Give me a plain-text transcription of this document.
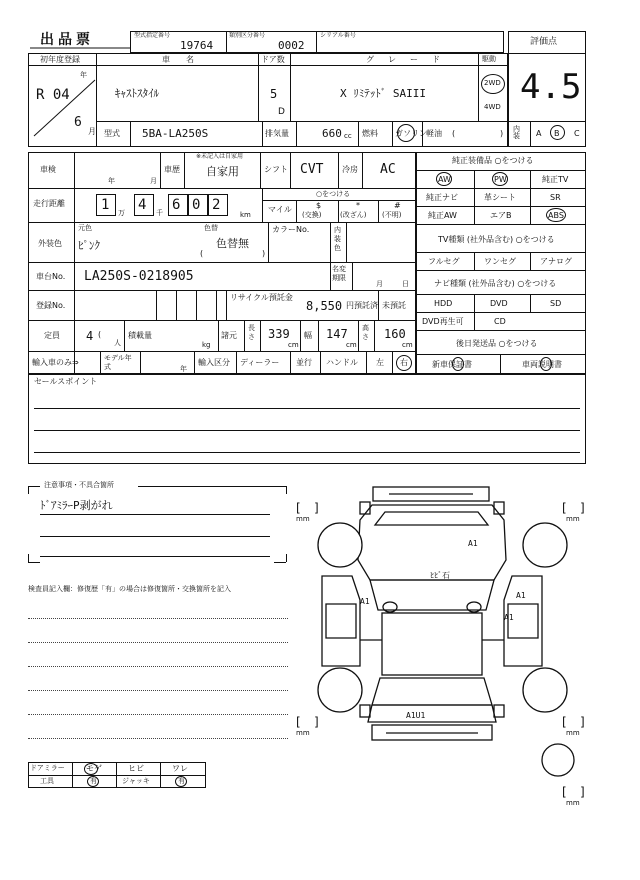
出品票	型式指定番号
19764
類別区分番号
0002
シリアル番号
評価点
4.5
初年度登録
年
R 04
6
月
車名
ｷｬｽﾄｽﾀｲﾙ
ドア数
5
D
グレード
X ﾘﾐﾃｯﾄﾞ SAIII
駆動
2WD
4WD
型式 5BA-LA250S	排気量	660 cc 燃料 ガソリン 軽油 (	) 内装	A B C
車検
年	月
車歴
※未記入は自家用
自家用	シフト CVT 冷房 AC
走行距離	1 万 4 千 6 0 2
km
マイル
○をつける
$
(交換)
*
(改ざん)
#
(不明)
外装色
元色
ﾋﾟﾝｸ
色替
色替無
(	)
カラーNo.	内装色
車台No. LA250S-0218905	名変期限
月	日
登録No.
リサイクル預託金
8,550 円預託済 未預託
定員 4 (
人
積載量
kg
諸元
長さ 339
cm
幅 147
cm
高さ 160
cm
輸入車のみ⇒	モデル年式	年
輸入区分 ディーラー 並行 ハンドル 左 右
純正装備品 ○をつける
AW	PW	純正TV
純正ナビ	革シート	SR
純正AW	エアB	ABS
TV種類 (社外品含む) ○をつける
フルセグ	ワンセグ	アナログ
ナビ種類 (社外品含む) ○をつける
HDD	DVD	SD
DVD再生可	CD
後日発送品 ○をつける
新車保証書	車両説明書
セールスポイント
注意事項・不具合箇所
ﾄﾞｱﾐﾗｰP剥がれ
検査員記入欄：修復歴「有」の場合は修復箇所・交換箇所を記入
ドアミラー	モゲ	ヒビ	ワレ
工具	有	ジャッキ	有
[ ]
mm
[ ]
mm
[ ]
mm
[ ]
mm
[ ]
mm
A1
ﾋﾋﾞ石
A1
A1
A1
A1U1
